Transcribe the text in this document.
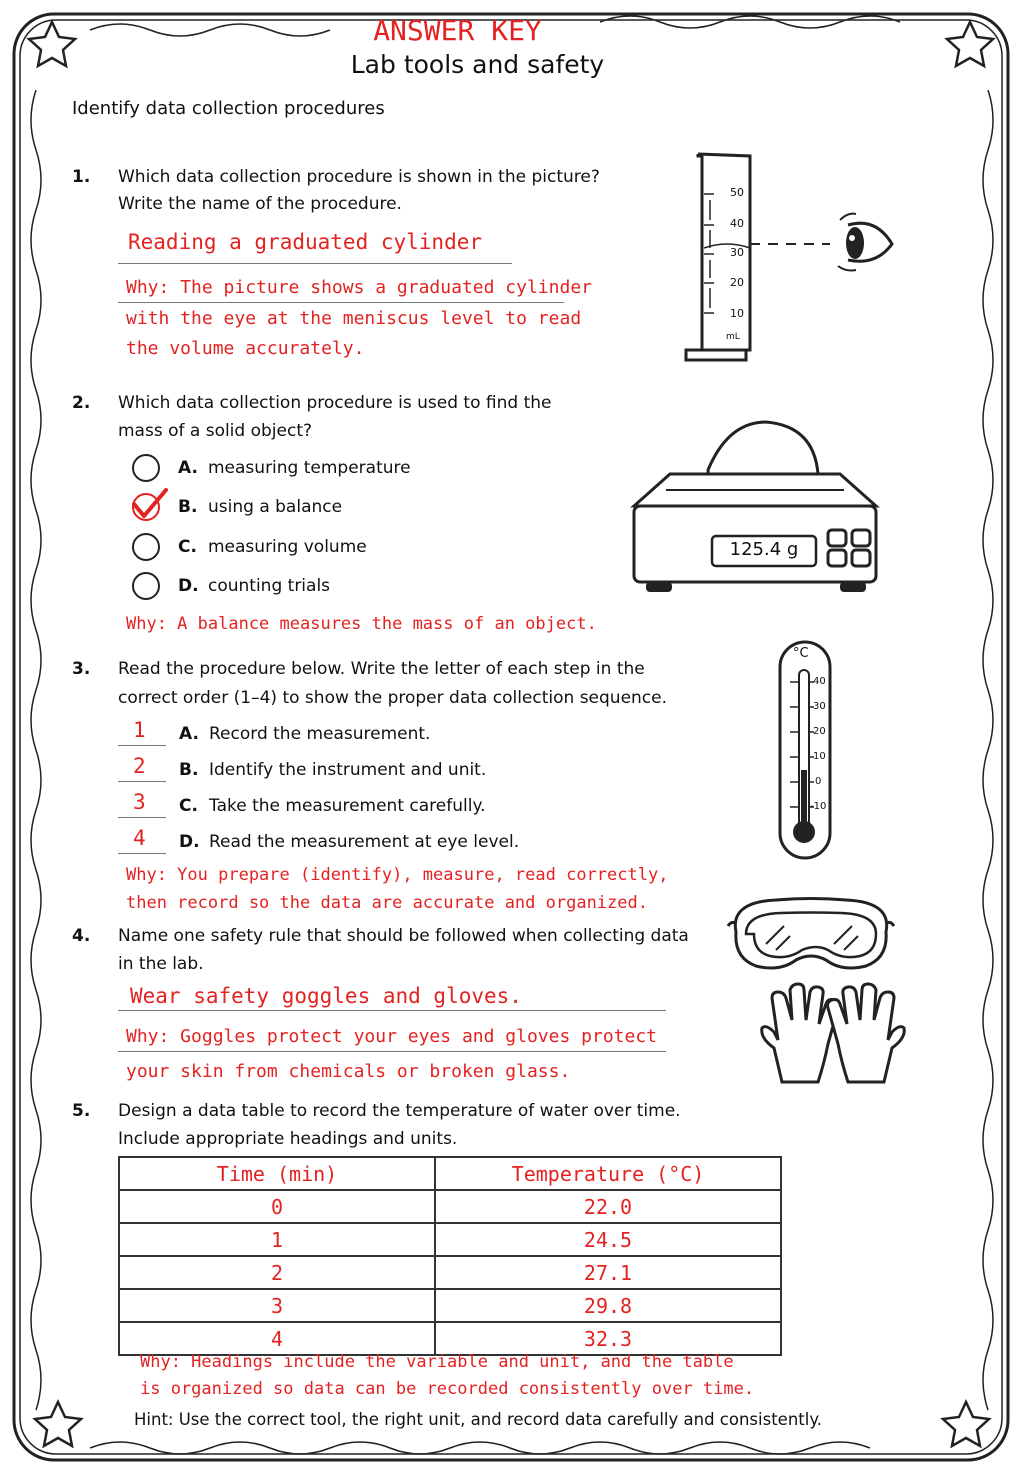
ANSWER KEY
Lab tools and safety
Identify data collection procedures
1. Which data collection procedure is shown in the picture?
Write the name of the procedure.
Reading a graduated cylinder
Why: The picture shows a graduated cylinder
with the eye at the meniscus level to read
the volume accurately.
50
40
30
20
10
mL
2. Which data collection procedure is used to find the
mass of a solid object?
A. measuring temperature
B. using a balance
C. measuring volume
D. counting trials
Why: A balance measures the mass of an object.
125.4 g
3. Read the procedure below. Write the letter of each step in the
correct order (1–4) to show the proper data collection sequence.
1 A. Record the measurement.
2 B. Identify the instrument and unit.
3 C. Take the measurement carefully.
4 D. Read the measurement at eye level.
Why: You prepare (identify), measure, read correctly,
then record so the data are accurate and organized.
°C
40
30
20
10
0
-10
4. Name one safety rule that should be followed when collecting data
in the lab.
Wear safety goggles and gloves.
Why: Goggles protect your eyes and gloves protect
your skin from chemicals or broken glass.
5. Design a data table to record the temperature of water over time.
Include appropriate headings and units.
Time (min)	Temperature (°C)
0	22.0
1	24.5
2	27.1
3	29.8
4	32.3
Why: Headings include the variable and unit, and the table
is organized so data can be recorded consistently over time.
Hint: Use the correct tool, the right unit, and record data carefully and consistently.
